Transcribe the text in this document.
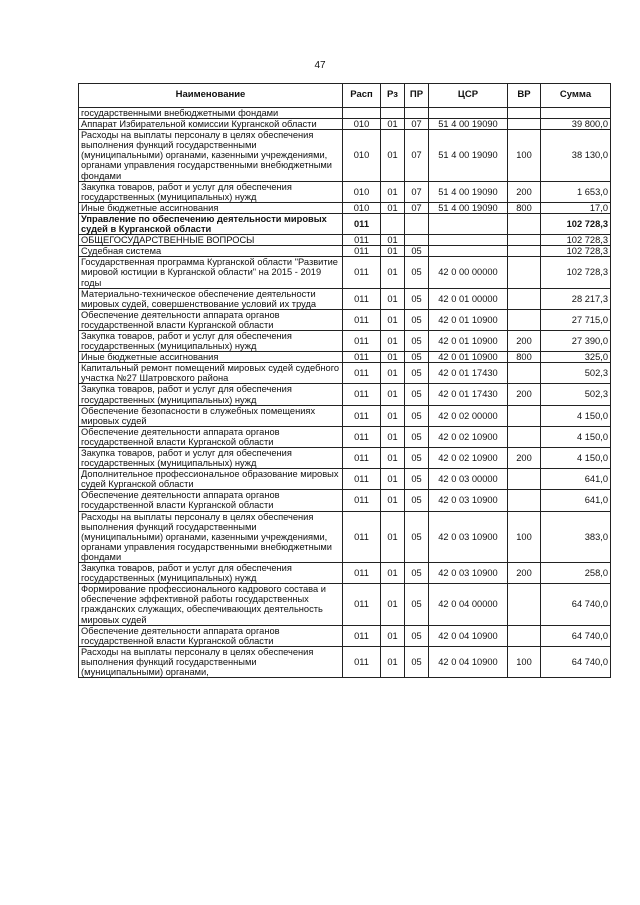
47
Наименование	Расп	Рз	ПР	ЦСР	ВР	Сумма
государственными внебюджетными фондами						
Аппарат Избирательной комиссии Курганской области	010	01	07	51 4 00 19090		39 800,0
Расходы на выплаты персоналу в целях обеспечения выполнения функций государственными (муниципальными) органами, казенными учреждениями, органами управления государственными внебюджетными фондами	010	01	07	51 4 00 19090	100	38 130,0
Закупка товаров, работ и услуг для обеспечения государственных (муниципальных) нужд	010	01	07	51 4 00 19090	200	1 653,0
Иные бюджетные ассигнования	010	01	07	51 4 00 19090	800	17,0
Управление по обеспечению деятельности мировых судей в Курганской области	011					102 728,3
ОБЩЕГОСУДАРСТВЕННЫЕ ВОПРОСЫ	011	01				102 728,3
Судебная система	011	01	05			102 728,3
Государственная программа Курганской области "Развитие мировой юстиции в Курганской области" на 2015 - 2019 годы	011	01	05	42 0 00 00000		102 728,3
Материально-техническое обеспечение деятельности мировых судей, совершенствование условий их труда	011	01	05	42 0 01 00000		28 217,3
Обеспечение деятельности аппарата органов государственной власти Курганской области	011	01	05	42 0 01 10900		27 715,0
Закупка товаров, работ и услуг для обеспечения государственных (муниципальных) нужд	011	01	05	42 0 01 10900	200	27 390,0
Иные бюджетные ассигнования	011	01	05	42 0 01 10900	800	325,0
Капитальный ремонт помещений мировых судей судебного участка №27 Шатровского района	011	01	05	42 0 01 17430		502,3
Закупка товаров, работ и услуг для обеспечения государственных (муниципальных) нужд	011	01	05	42 0 01 17430	200	502,3
Обеспечение безопасности в служебных помещениях мировых судей	011	01	05	42 0 02 00000		4 150,0
Обеспечение деятельности аппарата органов государственной власти Курганской области	011	01	05	42 0 02 10900		4 150,0
Закупка товаров, работ и услуг для обеспечения государственных (муниципальных) нужд	011	01	05	42 0 02 10900	200	4 150,0
Дополнительное профессиональное образование мировых судей Курганской области	011	01	05	42 0 03 00000		641,0
Обеспечение деятельности аппарата органов государственной власти Курганской области	011	01	05	42 0 03 10900		641,0
Расходы на выплаты персоналу в целях обеспечения выполнения функций государственными (муниципальными) органами, казенными учреждениями, органами управления государственными внебюджетными фондами	011	01	05	42 0 03 10900	100	383,0
Закупка товаров, работ и услуг для обеспечения государственных (муниципальных) нужд	011	01	05	42 0 03 10900	200	258,0
Формирование профессионального кадрового состава и обеспечение эффективной работы государственных гражданских служащих, обеспечивающих деятельность мировых судей	011	01	05	42 0 04 00000		64 740,0
Обеспечение деятельности аппарата органов государственной власти Курганской области	011	01	05	42 0 04 10900		64 740,0
Расходы на выплаты персоналу в целях обеспечения выполнения функций государственными (муниципальными) органами,	011	01	05	42 0 04 10900	100	64 740,0
